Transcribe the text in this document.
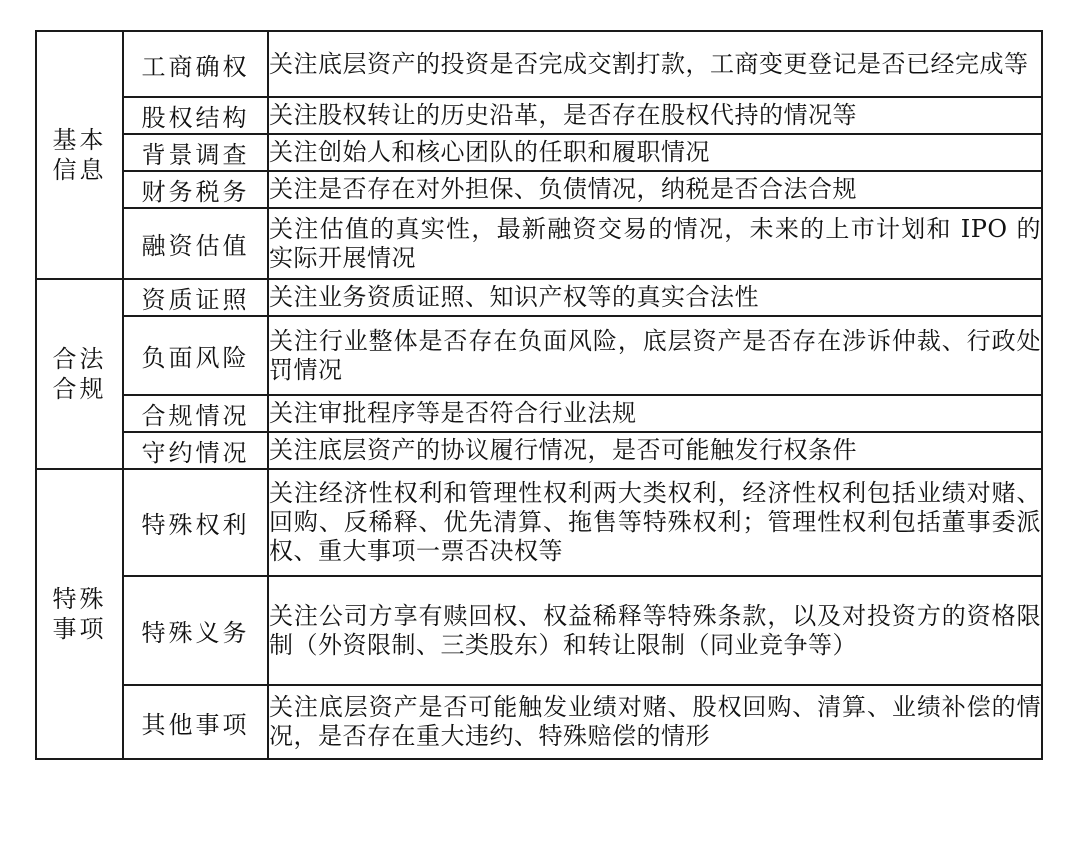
基本信息	工商确权	关注底层资产的投资是否完成交割打款，工商变更登记是否已经完成等
	股权结构	关注股权转让的历史沿革，是否存在股权代持的情况等
	背景调查	关注创始人和核心团队的任职和履职情况
	财务税务	关注是否存在对外担保、负债情况，纳税是否合法合规
	融资估值	关注估值的真实性，最新融资交易的情况，未来的上市计划和 IPO 的实际开展情况
合法合规	资质证照	关注业务资质证照、知识产权等的真实合法性
	负面风险	关注行业整体是否存在负面风险，底层资产是否存在涉诉仲裁、行政处罚情况
	合规情况	关注审批程序等是否符合行业法规
	守约情况	关注底层资产的协议履行情况，是否可能触发行权条件
特殊事项	特殊权利	关注经济性权利和管理性权利两大类权利，经济性权利包括业绩对赌、回购、反稀释、优先清算、拖售等特殊权利；管理性权利包括董事委派权、重大事项一票否决权等
	特殊义务	关注公司方享有赎回权、权益稀释等特殊条款，以及对投资方的资格限制（外资限制、三类股东）和转让限制（同业竞争等）
	其他事项	关注底层资产是否可能触发业绩对赌、股权回购、清算、业绩补偿的情况，是否存在重大违约、特殊赔偿的情形
